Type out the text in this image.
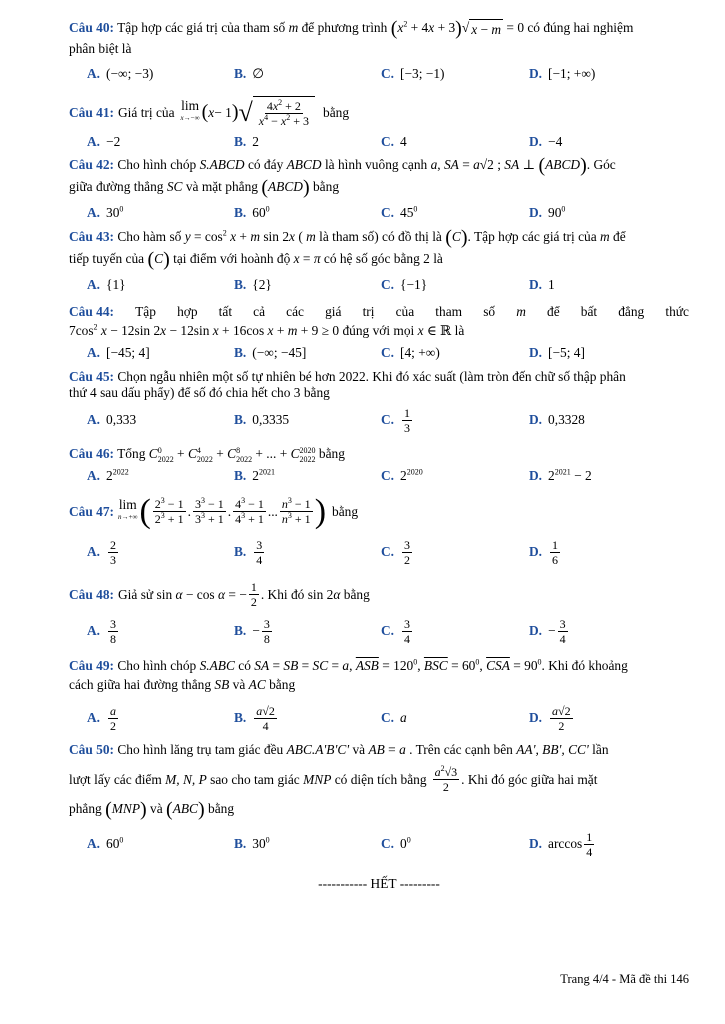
Câu 40: Tập hợp các giá trị của tham số m để phương trình $(x^2 + 4x + 3)√$ x − m = 0 có đúng hai nghiệm
phân biệt là
A. (−∞; −3)	B. ∅	C. [−3; −1)	D. [−1; +∞)
Câu 41: Giá trị của lim
x→−∞ ( x − 1 ) √ $\frac{4x^2 + 2}{x^4 - x^2 + 3}$ bằng
A. −2	B. 2	C. 4	D. −4
Câu 42: Cho hình chóp S.ABCD có đáy ABCD là hình vuông cạnh a, SA = a√2 ; SA ⊥ (ABCD). Góc
giữa đường thẳng SC và mặt phẳng (ABCD) bằng
A. $30^0$	B. $60^0$	C. $45^0$	D. $90^0$
Câu 43: Cho hàm số $y = \cos^2 x + m$ sin 2x ( m là tham số) có đồ thị là (C). Tập hợp các giá trị của m để
tiếp tuyến của (C) tại điểm với hoành độ x = π có hệ số góc bằng 2 là
A. {1}	B. {2}	C. {−1}	D. 1
Câu 44: Tập hợp tất cả các giá trị của tham số m để bất đẳng thức
$7\cos^2$ x − 12sin 2x − 12sin x + 16cos x + m + 9 ≥ 0 đúng với mọi x ∈ ℝ là
A. [−45; 4]	B. (−∞; −45]	C. [4; +∞)	D. [−5; 4]
Câu 45: Chọn ngẫu nhiên một số tự nhiên bé hơn 2022. Khi đó xác suất (làm tròn đến chữ số thập phân
thứ 4 sau dấu phẩy) để số đó chia hết cho 3 bằng
A. 0,333	B. 0,3335	C. $\frac{1}{3}$	D. 0,3328
Câu 46: Tổng C 0
2022 + C 4
2022 + C 8
2022 + ... + C 2020
2022 bằng
A. $2^{2022}$	B. $2^{2021}$	C. $2^{2020}$	D. $2^{2021} - 2$
Câu 47: lim
n→+∞ ( $\frac{2^3 - 1}{2^3 + 1}$ . $\frac{3^3 - 1}{3^3 + 1}$ . $\frac{4^3 - 1}{4^3 + 1}$ ... $\frac{n^3 - 1}{n^3 + 1}$ ) bằng
A. $\frac{2}{3}$	B. $\frac{3}{4}$	C. $\frac{3}{2}$	D. $\frac{1}{6}$
Câu 48: Giả sử sin α − cos α = − $\frac{1}{2}$ . Khi đó sin 2α bằng
A. $\frac{3}{8}$	B. − $\frac{3}{8}$	C. $\frac{3}{4}$	D. − $\frac{3}{4}$
Câu 49: Cho hình chóp S.ABC có SA = SB = SC = a, $\overline{ASB} = 120^0$, $\overline{BSC} = 60^0$, $\overline{CSA} = 90^0$. Khi đó khoảng
cách giữa hai đường thẳng SB và AC bằng
A. $\frac{a}{2}$	B. $\frac{a√2}{4}$	C. a	D. $\frac{a√2}{2}$
Câu 50: Cho hình lăng trụ tam giác đều ABC.A'B'C' và AB = a . Trên các cạnh bên AA', BB', CC' lần
lượt lấy các điểm M, N, P sao cho tam giác MNP có diện tích bằng $\frac{a^2√3}{2}$ . Khi đó góc giữa hai mặt
phẳng (MNP) và (ABC) bằng
A. $60^0$	B. $30^0$	C. $0^0$	D. $\arccos \frac{1}{4}$
----------- HẾT ---------
Trang 4/4 - Mã đề thi 146
